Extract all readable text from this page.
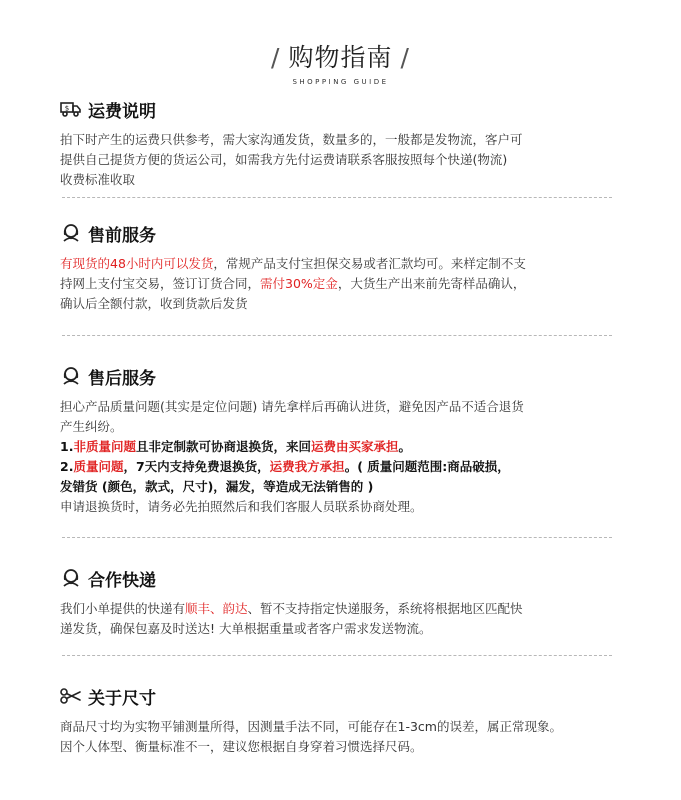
/ 购物指南 /
SHOPPING GUIDE
$ 运费说明

拍下时产生的运费只供参考，需大家沟通发货，数量多的，一般都是发物流，客户可

提供自己提货方便的货运公司，如需我方先付运费请联系客服按照每个快递(物流)

收费标准收取

售前服务

有现货的48小时内可以发货，常规产品支付宝担保交易或者汇款均可。来样定制不支

持网上支付宝交易，签订订货合同，需付30%定金，大货生产出来前先寄样品确认，

确认后全额付款，收到货款后发货

售后服务

担心产品质量问题(其实是定位问题) 请先拿样后再确认进货，避免因产品不适合退货

产生纠纷。

1.非质量问题且非定制款可协商退换货，来回运费由买家承担。

2.质量问题，7天内支持免费退换货，运费我方承担。( 质量问题范围:商品破损，

发错货 (颜色，款式，尺寸)，漏发，等造成无法销售的 )

申请退换货时，请务必先拍照然后和我们客服人员联系协商处理。

合作快递

我们小单提供的快递有顺丰、韵达、暂不支持指定快递服务，系统将根据地区匹配快

递发货，确保包嘉及时送达! 大单根据重量或者客户需求发送物流。

关于尺寸

商品尺寸均为实物平铺测量所得，因测量手法不同，可能存在1-3cm的误差，属正常现象。

因个人体型、衡量标准不一，建议您根据自身穿着习惯选择尺码。
